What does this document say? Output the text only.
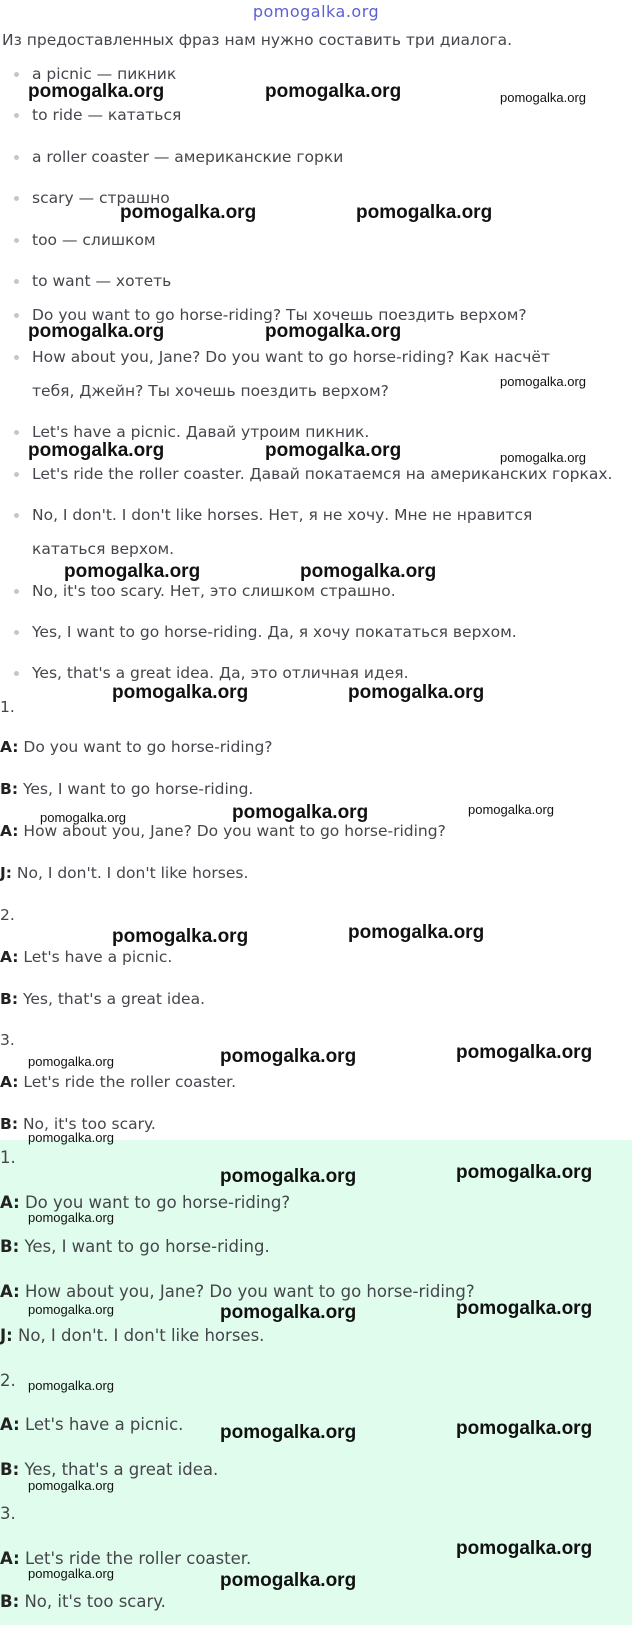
pomogalka.org
Из предоставленных фраз нам нужно составить три диалога.
a picnic — пикник
to ride — кататься
a roller coaster — американские горки
scary — страшно
too — слишком
to want — хотеть
Do you want to go horse-riding? Ты хочешь поездить верхом?
How about you, Jane? Do you want to go horse-riding? Как насчёт тебя, Джейн? Ты хочешь поездить верхом?
Let's have a picnic. Давай утроим пикник.
Let's ride the roller coaster. Давай покатаемся на американских горках.
No, I don't. I don't like horses. Нет, я не хочу. Мне не нравится кататься верхом.
No, it's too scary. Нет, это слишком страшно.
Yes, I want to go horse-riding. Да, я хочу покататься верхом.
Yes, that's a great idea. Да, это отличная идея.
1.
A: Do you want to go horse-riding?
B: Yes, I want to go horse-riding.
A: How about you, Jane? Do you want to go horse-riding?
J: No, I don't. I don't like horses.
2.
A: Let's have a picnic.
B: Yes, that's a great idea.
3.
A: Let's ride the roller coaster.
B: No, it's too scary.
1.
A: Do you want to go horse-riding?
B: Yes, I want to go horse-riding.
A: How about you, Jane? Do you want to go horse-riding?
J: No, I don't. I don't like horses.
2.
A: Let's have a picnic.
B: Yes, that's a great idea.
3.
A: Let's ride the roller coaster.
B: No, it's too scary.
pomogalka.org	pomogalka.org	pomogalka.org
pomogalka.org	pomogalka.org
pomogalka.org	pomogalka.org
pomogalka.org
pomogalka.org	pomogalka.org	pomogalka.org
pomogalka.org	pomogalka.org
pomogalka.org	pomogalka.org
pomogalka.org	pomogalka.org	pomogalka.org
pomogalka.org	pomogalka.org
pomogalka.org	pomogalka.org	pomogalka.org
pomogalka.org
pomogalka.org	pomogalka.org
pomogalka.org
pomogalka.org	pomogalka.org	pomogalka.org
pomogalka.org
pomogalka.org	pomogalka.org
pomogalka.org
pomogalka.org
pomogalka.org	pomogalka.org
